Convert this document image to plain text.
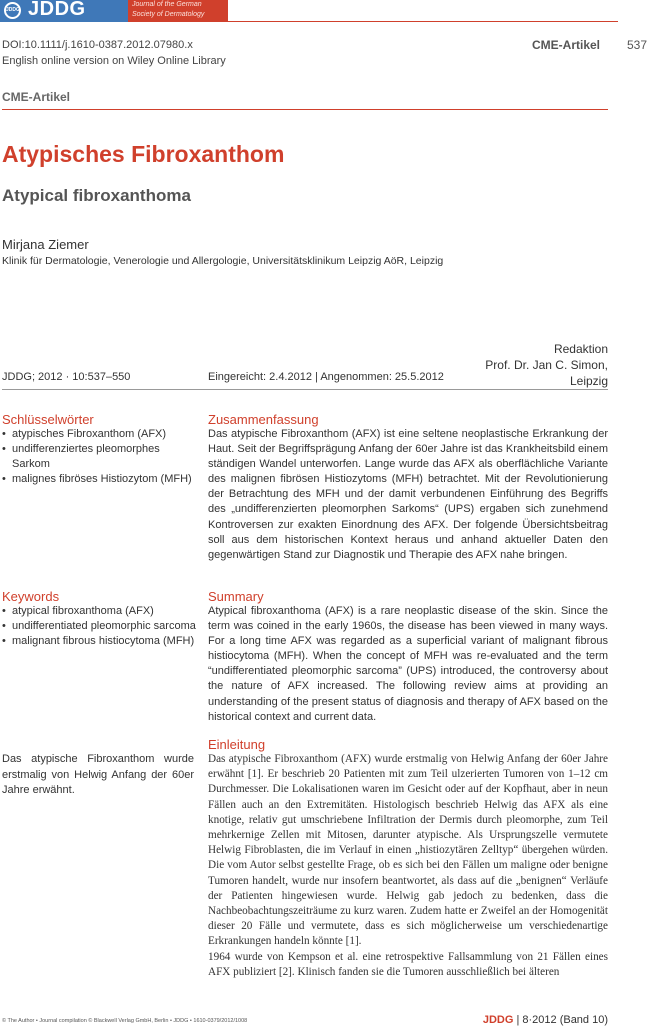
JDDG JDDG	Journal of the German
Society of Dermatology
DOI:10.1111/j.1610-0387.2012.07980.x
English online version on Wiley Online Library
CME-Artikel 537
CME-Artikel
Atypisches Fibroxanthom
Atypical fibroxanthoma
Mirjana Ziemer
Klinik für Dermatologie, Venerologie und Allergologie, Universitätsklinikum Leipzig AöR, Leipzig
Redaktion
Prof. Dr. Jan C. Simon,
Leipzig
JDDG; 2012 · 10:537–550	Eingereicht: 2.4.2012 | Angenommen: 25.5.2012
Schlüsselwörter
• atypisches Fibroxanthom (AFX)
• undifferenziertes pleomorphes Sarkom
• malignes fibröses Histiozytom (MFH)
Keywords
• atypical fibroxanthoma (AFX)
• undifferentiated pleomorphic sarcoma
• malignant fibrous histiocytoma (MFH)
Zusammenfassung

Das atypische Fibroxanthom (AFX) ist eine seltene neoplastische Erkrankung der Haut. Seit der Begriffsprägung Anfang der 60er Jahre ist das Krankheitsbild einem ständigen Wandel unterworfen. Lange wurde das AFX als oberflächliche Variante des malignen fibrösen Histiozytoms (MFH) betrachtet. Mit der Revolutionierung der Betrachtung des MFH und der damit verbundenen Einführung des Begriffs des „undifferenzierten pleomorphen Sarkoms“ (UPS) ergaben sich zunehmend Kontroversen zur exakten Einordnung des AFX. Der folgende Übersichtsbeitrag soll aus dem historischen Kontext heraus und anhand aktueller Daten den gegenwärtigen Stand zur Diagnostik und Therapie des AFX nahe bringen.

Summary

Atypical fibroxanthoma (AFX) is a rare neoplastic disease of the skin. Since the term was coined in the early 1960s, the disease has been viewed in many ways. For a long time AFX was regarded as a superficial variant of malignant fibrous histiocytoma (MFH). When the concept of MFH was re-evaluated and the term “undifferentiated pleomorphic sarcoma” (UPS) introduced, the controversy about the nature of AFX increased. The following review aims at providing an understanding of the present status of diagnosis and therapy of AFX based on the historical context and current data.

Das atypische Fibroxanthom wurde erstmalig von Helwig Anfang der 60er Jahre erwähnt.
Einleitung

Das atypische Fibroxanthom (AFX) wurde erstmalig von Helwig Anfang der 60er Jahre erwähnt [1]. Er beschrieb 20 Patienten mit zum Teil ulzerierten Tumoren von 1–12 cm Durchmesser. Die Lokalisationen waren im Gesicht oder auf der Kopfhaut, aber in neun Fällen auch an den Extremitäten. Histologisch beschrieb Helwig das AFX als eine knotige, relativ gut umschriebene Infiltration der Dermis durch pleomorphe, zum Teil mehrkernige Zellen mit Mitosen, darunter atypische. Als Ursprungszelle vermutete Helwig Fibroblasten, die im Verlauf in einen „histiozytären Zelltyp“ übergehen würden. Die vom Autor selbst gestellte Frage, ob es sich bei den Fällen um maligne oder benigne Tumoren handelt, wurde nur insofern beantwortet, als dass auf die „benignen“ Verläufe der Patienten hingewiesen wurde. Helwig gab jedoch zu bedenken, dass die Nachbeobachtungszeiträume zu kurz waren. Zudem hatte er Zweifel an der Homogenität dieser 20 Fälle und vermutete, dass es sich möglicherweise um verschiedenartige Erkrankungen handeln könnte [1].

1964 wurde von Kempson et al. eine retrospektive Fallsammlung von 21 Fällen eines AFX publiziert [2]. Klinisch fanden sie die Tumoren ausschließlich bei älteren

© The Author • Journal compilation © Blackwell Verlag GmbH, Berlin • JDDG • 1610-0379/2012/1008	JDDG | 8·2012 (Band 10)
